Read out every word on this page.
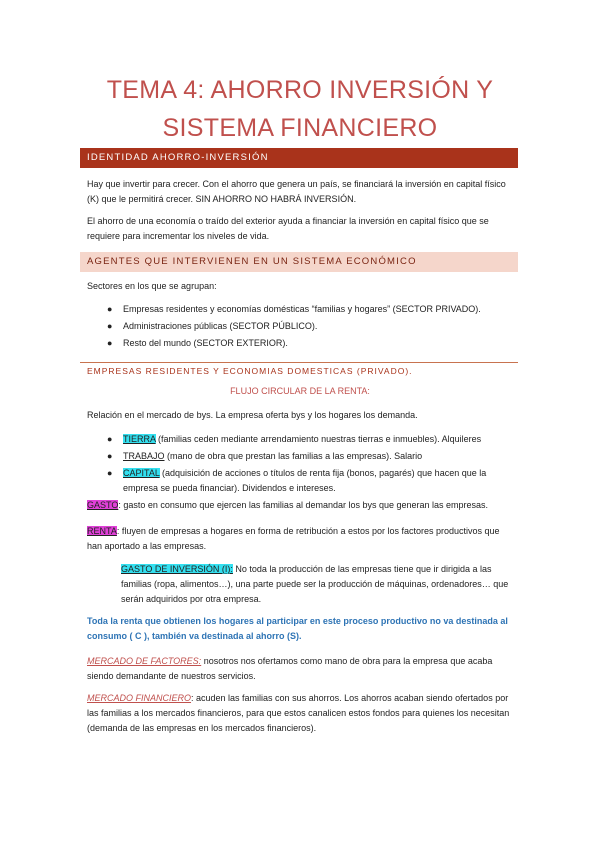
TEMA 4: AHORRO INVERSIÓN Y
SISTEMA FINANCIERO
IDENTIDAD AHORRO-INVERSIÓN
Hay que invertir para crecer. Con el ahorro que genera un país, se financiará la inversión en capital físico (K) que le permitirá crecer. SIN AHORRO NO HABRÁ INVERSIÓN.
El ahorro de una economía o traído del exterior ayuda a financiar la inversión en capital físico que se requiere para incrementar los niveles de vida.
AGENTES QUE INTERVIENEN EN UN SISTEMA ECONÓMICO
Sectores en los que se agrupan:
● Empresas residentes y economías domésticas “familias y hogares” (SECTOR PRIVADO).
● Administraciones públicas (SECTOR PÚBLICO).
● Resto del mundo (SECTOR EXTERIOR).
EMPRESAS RESIDENTES Y ECONOMIAS DOMESTICAS (PRIVADO).
FLUJO CIRCULAR DE LA RENTA:
Relación en el mercado de bys. La empresa oferta bys y los hogares los demanda.
● TIERRA (familias ceden mediante arrendamiento nuestras tierras e inmuebles). Alquileres
● TRABAJO (mano de obra que prestan las familias a las empresas). Salario
● CAPITAL (adquisición de acciones o títulos de renta fija (bonos, pagarés) que hacen que la empresa se pueda financiar). Dividendos e intereses.
GASTO: gasto en consumo que ejercen las familias al demandar los bys que generan las empresas.
RENTA: fluyen de empresas a hogares en forma de retribución a estos por los factores productivos que han aportado a las empresas.
GASTO DE INVERSIÓN (I): No toda la producción de las empresas tiene que ir dirigida a las familias (ropa, alimentos…), una parte puede ser la producción de máquinas, ordenadores… que serán adquiridos por otra empresa.
Toda la renta que obtienen los hogares al participar en este proceso productivo no va destinada al consumo ( C ), también va destinada al ahorro (S).
MERCADO DE FACTORES: nosotros nos ofertamos como mano de obra para la empresa que acaba siendo demandante de nuestros servicios.
MERCADO FINANCIERO: acuden las familias con sus ahorros. Los ahorros acaban siendo ofertados por las familias a los mercados financieros, para que estos canalicen estos fondos para quienes los necesitan (demanda de las empresas en los mercados financieros).
